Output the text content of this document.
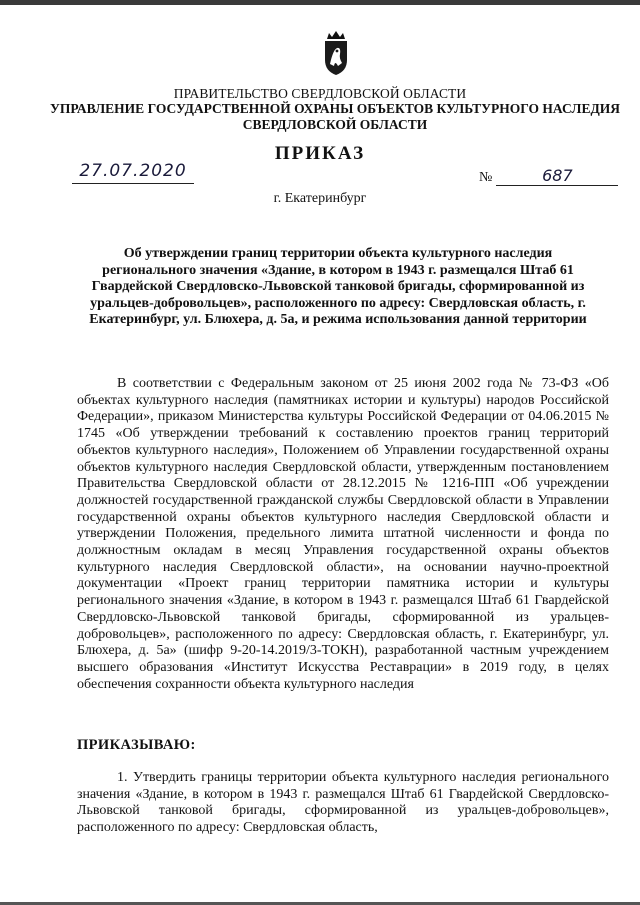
ПРАВИТЕЛЬСТВО СВЕРДЛОВСКОЙ ОБЛАСТИ
УПРАВЛЕНИЕ ГОСУДАРСТВЕННОЙ ОХРАНЫ ОБЪЕКТОВ КУЛЬТУРНОГО НАСЛЕДИЯ СВЕРДЛОВСКОЙ ОБЛАСТИ
ПРИКАЗ
27.07.2020	№	687
г. Екатеринбург
Об утверждении границ территории объекта культурного наследия регионального значения «Здание, в котором в 1943 г. размещался Штаб 61 Гвардейской Свердловско-Львовской танковой бригады, сформированной из уральцев-добровольцев», расположенного по адресу: Свердловская область, г. Екатеринбург, ул. Блюхера, д. 5а, и режима использования данной территории

В соответствии с Федеральным законом от 25 июня 2002 года № 73-ФЗ «Об объектах культурного наследия (памятниках истории и культуры) народов Российской Федерации», приказом Министерства культуры Российской Федерации от 04.06.2015 № 1745 «Об утверждении требований к составлению проектов границ территорий объектов культурного наследия», Положением об Управлении государственной охраны объектов культурного наследия Свердловской области, утвержденным постановлением Правительства Свердловской области от 28.12.2015 № 1216-ПП «Об учреждении должностей государственной гражданской службы Свердловской области в Управлении государственной охраны объектов культурного наследия Свердловской области и утверждении Положения, предельного лимита штатной численности и фонда по должностным окладам в месяц Управления государственной охраны объектов культурного наследия Свердловской области», на основании научно-проектной документации «Проект границ территории памятника истории и культуры регионального значения «Здание, в котором в 1943 г. размещался Штаб 61 Гвардейской Свердловско-Львовской танковой бригады, сформированной из уральцев-добровольцев», расположенного по адресу: Свердловская область, г. Екатеринбург, ул. Блюхера, д. 5а» (шифр 9-20-14.2019/3-ТОКН), разработанной частным учреждением высшего образования «Институт Искусства Реставрации» в 2019 году, в целях обеспечения сохранности объекта культурного наследия

ПРИКАЗЫВАЮ:

1. Утвердить границы территории объекта культурного наследия регионального значения «Здание, в котором в 1943 г. размещался Штаб 61 Гвардейской Свердловско-Львовской танковой бригады, сформированной из уральцев-добровольцев», расположенного по адресу: Свердловская область,
